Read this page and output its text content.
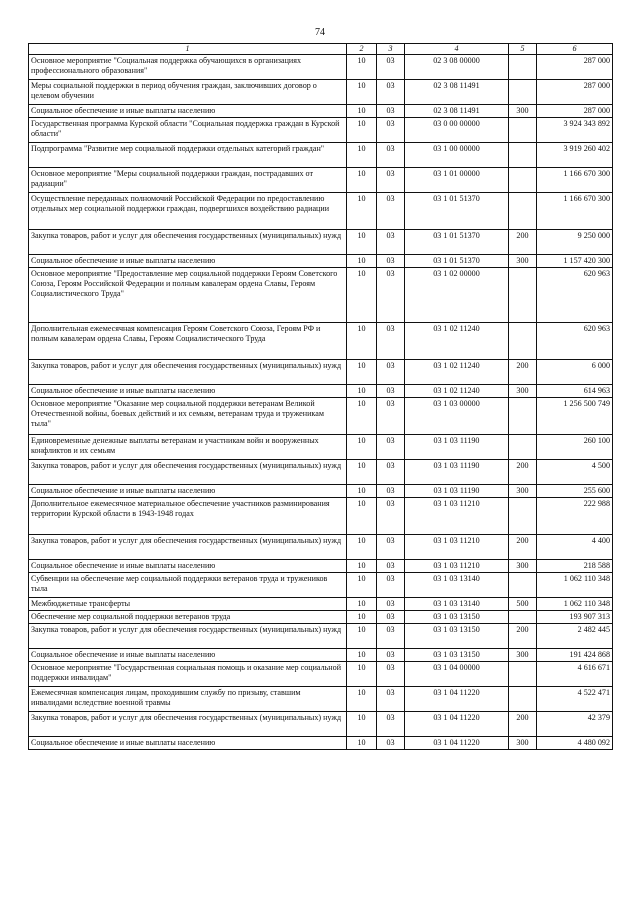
74
1	2	3	4	5	6
Основное мероприятие "Социальная поддержка обучающихся в организациях профессионального образования"	10	03	02 3 08 00000		287 000
Меры социальной поддержки в период обучения граждан, заключивших договор о целевом обучении	10	03	02 3 08 11491		287 000
Социальное обеспечение и иные выплаты населению	10	03	02 3 08 11491	300	287 000
Государственная программа Курской области "Социальная поддержка граждан в Курской области"	10	03	03 0 00 00000		3 924 343 892
Подпрограмма "Развитие мер социальной поддержки отдельных категорий граждан"	10	03	03 1 00 00000		3 919 260 402
Основное мероприятие "Меры социальной поддержки граждан, пострадавших от радиации"	10	03	03 1 01 00000		1 166 670 300
Осуществление переданных полномочий Российской Федерации по предоставлению отдельных мер социальной поддержки граждан, подвергшихся воздействию радиации	10	03	03 1 01 51370		1 166 670 300
Закупка товаров, работ и услуг для обеспечения государственных (муниципальных) нужд	10	03	03 1 01 51370	200	9 250 000
Социальное обеспечение и иные выплаты населению	10	03	03 1 01 51370	300	1 157 420 300
Основное мероприятие "Предоставление мер социальной поддержки Героям Советского Союза, Героям Российской Федерации и полным кавалерам ордена Славы, Героям Социалистического Труда"	10	03	03 1 02 00000		620 963
Дополнительная ежемесячная компенсация Героям Советского Союза, Героям РФ и полным кавалерам ордена Славы, Героям Социалистического Труда	10	03	03 1 02 11240		620 963
Закупка товаров, работ и услуг для обеспечения государственных (муниципальных) нужд	10	03	03 1 02 11240	200	6 000
Социальное обеспечение и иные выплаты населению	10	03	03 1 02 11240	300	614 963
Основное мероприятие "Оказание мер социальной поддержки ветеранам Великой Отечественной войны, боевых действий и их семьям, ветеранам труда и труженикам тыла"	10	03	03 1 03 00000		1 256 500 749
Единовременные денежные выплаты ветеранам и участникам войн и вооруженных конфликтов и их семьям	10	03	03 1 03 11190		260 100
Закупка товаров, работ и услуг для обеспечения государственных (муниципальных) нужд	10	03	03 1 03 11190	200	4 500
Социальное обеспечение и иные выплаты населению	10	03	03 1 03 11190	300	255 600
Дополнительное ежемесячное материальное обеспечение участников разминирования территории Курской области в 1943-1948 годах	10	03	03 1 03 11210		222 988
Закупка товаров, работ и услуг для обеспечения государственных (муниципальных) нужд	10	03	03 1 03 11210	200	4 400
Социальное обеспечение и иные выплаты населению	10	03	03 1 03 11210	300	218 588
Субвенции на обеспечение мер социальной поддержки ветеранов труда и тружеников тыла	10	03	03 1 03 13140		1 062 110 348
Межбюджетные трансферты	10	03	03 1 03 13140	500	1 062 110 348
Обеспечение мер социальной поддержки ветеранов труда	10	03	03 1 03 13150		193 907 313
Закупка товаров, работ и услуг для обеспечения государственных (муниципальных) нужд	10	03	03 1 03 13150	200	2 482 445
Социальное обеспечение и иные выплаты населению	10	03	03 1 03 13150	300	191 424 868
Основное мероприятие "Государственная социальная помощь и оказание мер социальной поддержки инвалидам"	10	03	03 1 04 00000		4 616 671
Ежемесячная компенсация лицам, проходившим службу по призыву, ставшим инвалидами вследствие военной травмы	10	03	03 1 04 11220		4 522 471
Закупка товаров, работ и услуг для обеспечения государственных (муниципальных) нужд	10	03	03 1 04 11220	200	42 379
Социальное обеспечение и иные выплаты населению	10	03	03 1 04 11220	300	4 480 092
